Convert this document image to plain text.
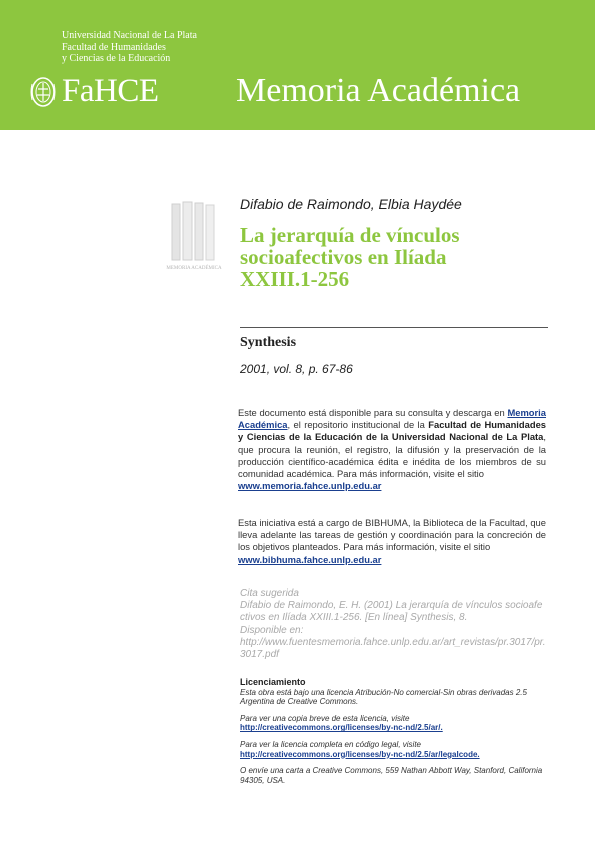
Universidad Nacional de La Plata
Facultad de Humanidades
y Ciencias de la Educación
FaHCE Memoria Académica
MEMORIA ACADÉMICA
Difabio de Raimondo, Elbia Haydée
La jerarquía de vínculos
socioafectivos en Ilíada
XXIII.1-256
Synthesis
2001, vol. 8, p. 67-86
Este documento está disponible para su consulta y descarga en Memoria Académica, el repositorio institucional de la Facultad de Humanidades y Ciencias de la Educación de la Universidad Nacional de La Plata, que procura la reunión, el registro, la difusión y la preservación de la producción científico-académica édita e inédita de los miembros de su comunidad académica. Para más información, visite el sitio
www.memoria.fahce.unlp.edu.ar
Esta iniciativa está a cargo de BIBHUMA, la Biblioteca de la Facultad, que lleva adelante las tareas de gestión y coordinación para la concreción de los objetivos planteados. Para más información, visite el sitio
www.bibhuma.fahce.unlp.edu.ar
Cita sugerida
Difabio de Raimondo, E. H. (2001) La jerarquía de vínculos socioafectivos en Ilíada XXIII.1-256. [En línea] Synthesis, 8.
Disponible en:
http://www.fuentesmemoria.fahce.unlp.edu.ar/art_revistas/pr.3017/pr.3017.pdf
Licenciamiento

Esta obra está bajo una licencia Atribución-No comercial-Sin obras derivadas 2.5 Argentina de Creative Commons.

Para ver una copia breve de esta licencia, visite

http://creativecommons.org/licenses/by-nc-nd/2.5/ar/.

Para ver la licencia completa en código legal, visite

http://creativecommons.org/licenses/by-nc-nd/2.5/ar/legalcode.

O envíe una carta a Creative Commons, 559 Nathan Abbott Way, Stanford, California 94305, USA.
